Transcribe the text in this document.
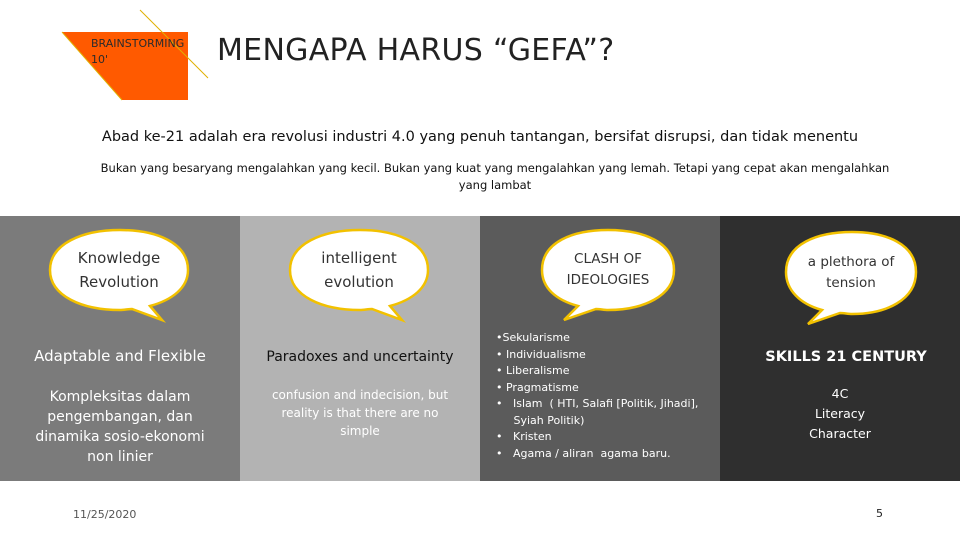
BRAINSTORMING
10'	MENGAPA HARUS “GEFA”?
Abad ke-21 adalah era revolusi industri 4.0 yang penuh tantangan, bersifat disrupsi, dan tidak menentu
Bukan yang besaryang mengalahkan yang kecil. Bukan yang kuat yang mengalahkan yang lemah. Tetapi yang cepat akan mengalahkan yang lambat
Knowledge
Revolution
Adaptable and Flexible
Kompleksitas dalam
pengembangan, dan
dinamika sosio-ekonomi
non linier
intelligent
evolution
Paradoxes and uncertainty
confusion and indecision, but
reality is that there are no
simple
CLASH OF
IDEOLOGIES
•Sekularisme
• Individualisme
• Liberalisme
• Pragmatisme
•   Islam  ( HTI, Salafi [Politik, Jihadi],
Syiah Politik)
•   Kristen
•   Agama / aliran  agama baru.
a plethora of
tension
SKILLS 21 CENTURY
4C
Literacy
Character
11/25/2020	5
